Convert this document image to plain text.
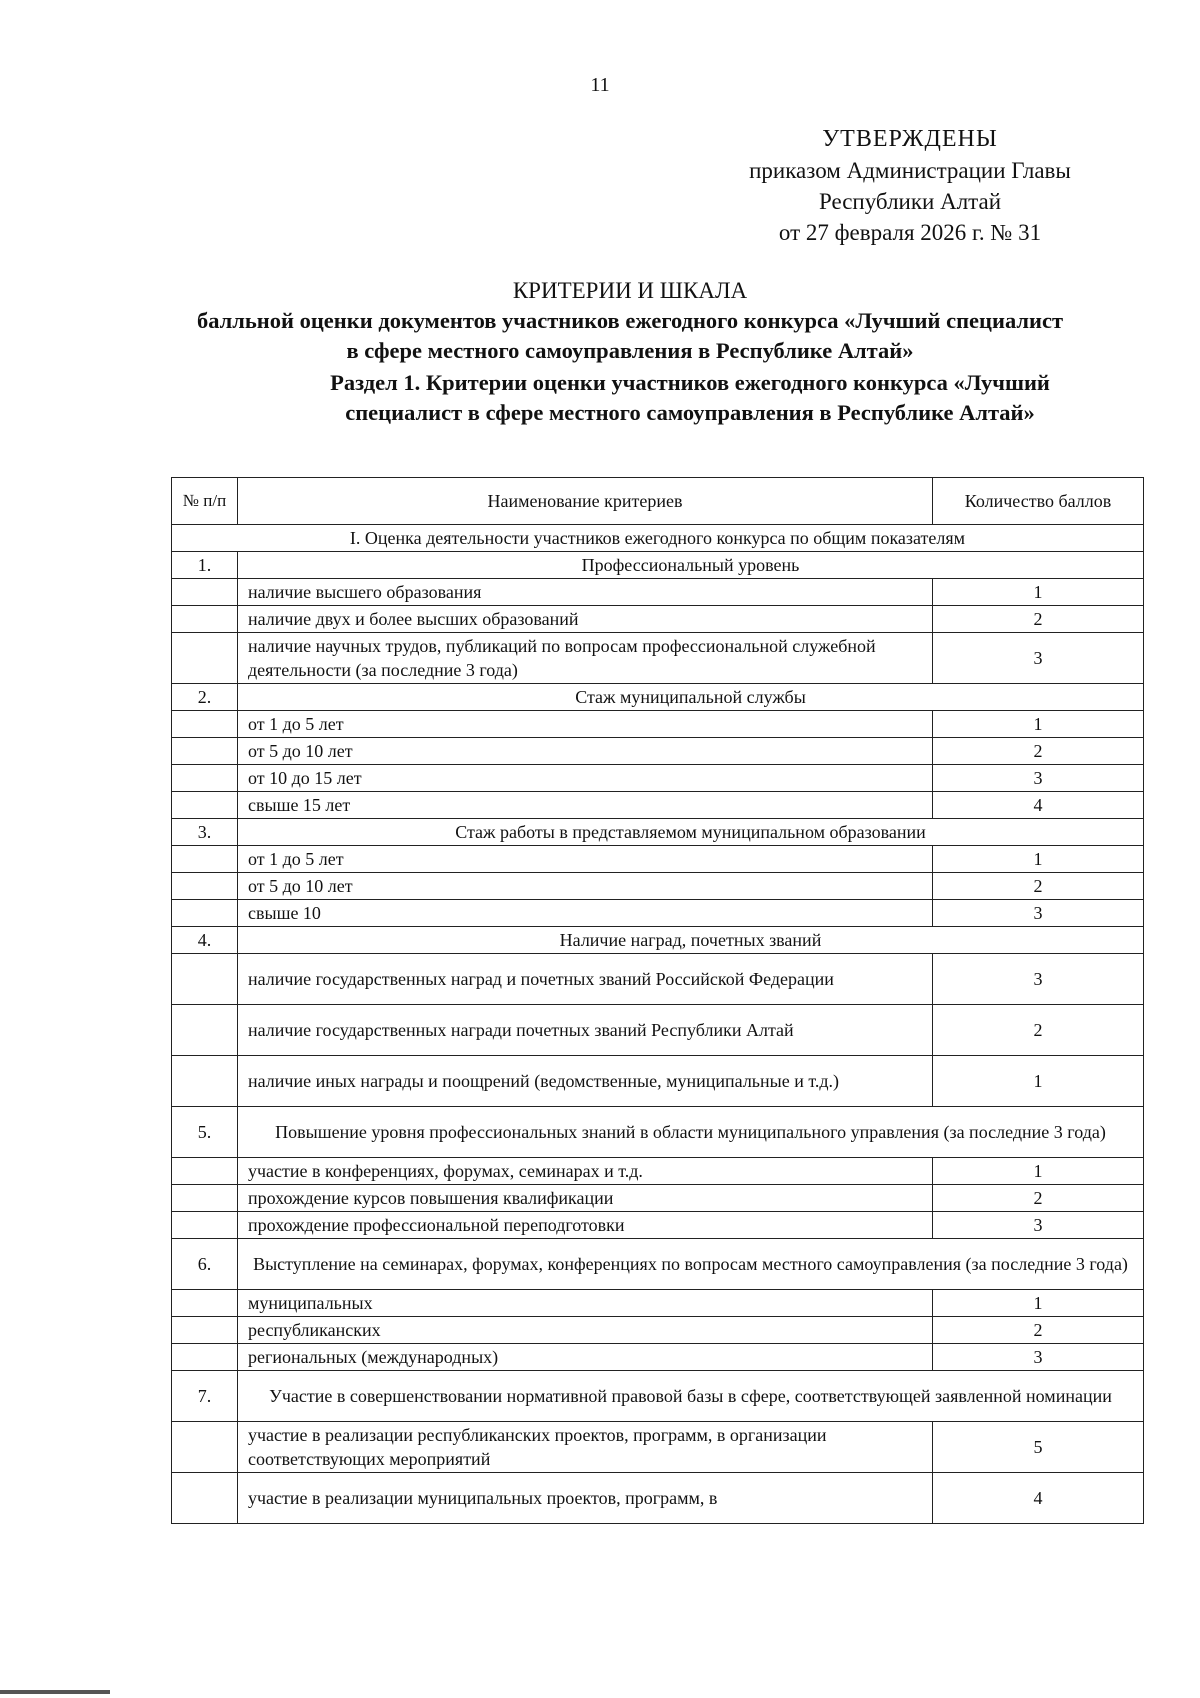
11
УТВЕРЖДЕНЫ
приказом Администрации Главы
Республики Алтай
от 27 февраля 2026 г. № 31
КРИТЕРИИ И ШКАЛА
балльной оценки документов участников ежегодного конкурса «Лучший специалист
в сфере местного самоуправления в Республике Алтай»
Раздел 1. Критерии оценки участников ежегодного конкурса «Лучший
специалист в сфере местного самоуправления в Республике Алтай»
№ п/п	Наименование критериев	Количество баллов
I. Оценка деятельности участников ежегодного конкурса по общим показателям		
1.	Профессиональный уровень	
	наличие высшего образования	1
	наличие двух и более высших образований	2
	наличие научных трудов, публикаций по вопросам профессиональной служебной деятельности (за последние 3 года)	3
2.	Стаж муниципальной службы	
	от 1 до 5 лет	1
	от 5 до 10 лет	2
	от 10 до 15 лет	3
	свыше 15 лет	4
3.	Стаж работы в представляемом муниципальном образовании	
	от 1 до 5 лет	1
	от 5 до 10 лет	2
	свыше 10	3
4.	Наличие наград, почетных званий	
	наличие государственных наград и почетных званий Российской Федерации	3
	наличие государственных награди почетных званий Республики Алтай	2
	наличие иных награды и поощрений (ведомственные, муниципальные и т.д.)	1
5.	Повышение уровня профессиональных знаний в области муниципального управления (за последние 3 года)	
	участие в конференциях, форумах, семинарах и т.д.	1
	прохождение курсов повышения квалификации	2
	прохождение профессиональной переподготовки	3
6.	Выступление на семинарах, форумах, конференциях по вопросам местного самоуправления (за последние 3 года)	
	муниципальных	1
	республиканских	2
	региональных (международных)	3
7.	Участие в совершенствовании нормативной правовой базы в сфере, соответствующей заявленной номинации	
	участие в реализации республиканских проектов, программ, в организации соответствующих мероприятий	5
	участие в реализации муниципальных проектов, программ, в	4
